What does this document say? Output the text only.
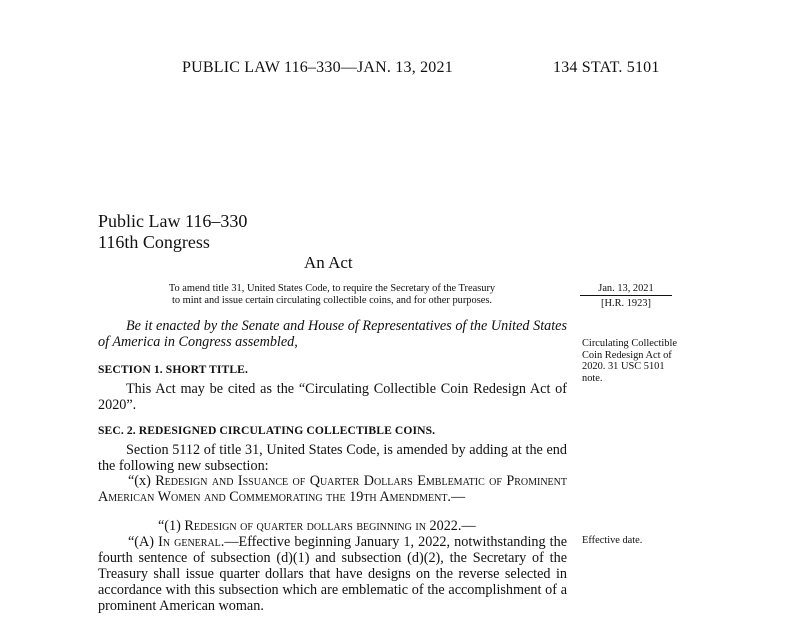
PUBLIC LAW 116–330—JAN. 13, 2021	134 STAT. 5101
Public Law 116–330
116th Congress
An Act
To amend title 31, United States Code, to require the Secretary of the Treasury
to mint and issue certain circulating collectible coins, and for other purposes.
Jan. 13, 2021
[H.R. 1923]
Be it enacted by the Senate and House of Representatives of the United States of America in Congress assembled,
SECTION 1. SHORT TITLE.
This Act may be cited as the “Circulating Collectible Coin Redesign Act of 2020”.
SEC. 2. REDESIGNED CIRCULATING COLLECTIBLE COINS.
Section 5112 of title 31, United States Code, is amended by adding at the end the following new subsection:
“(x) Redesign and Issuance of Quarter Dollars Emblematic of Prominent American Women and Commemorating the 19th Amendment.—
“(1) Redesign of quarter dollars beginning in 2022.—
“(A) In general.—Effective beginning January 1, 2022, notwithstanding the fourth sentence of subsection (d)(1) and subsection (d)(2), the Secretary of the Treasury shall issue quarter dollars that have designs on the reverse selected in accordance with this subsection which are emblematic of the accomplishment of a prominent American woman.
Circulating Collectible Coin Redesign Act of 2020. 31 USC 5101 note.
Effective date.
